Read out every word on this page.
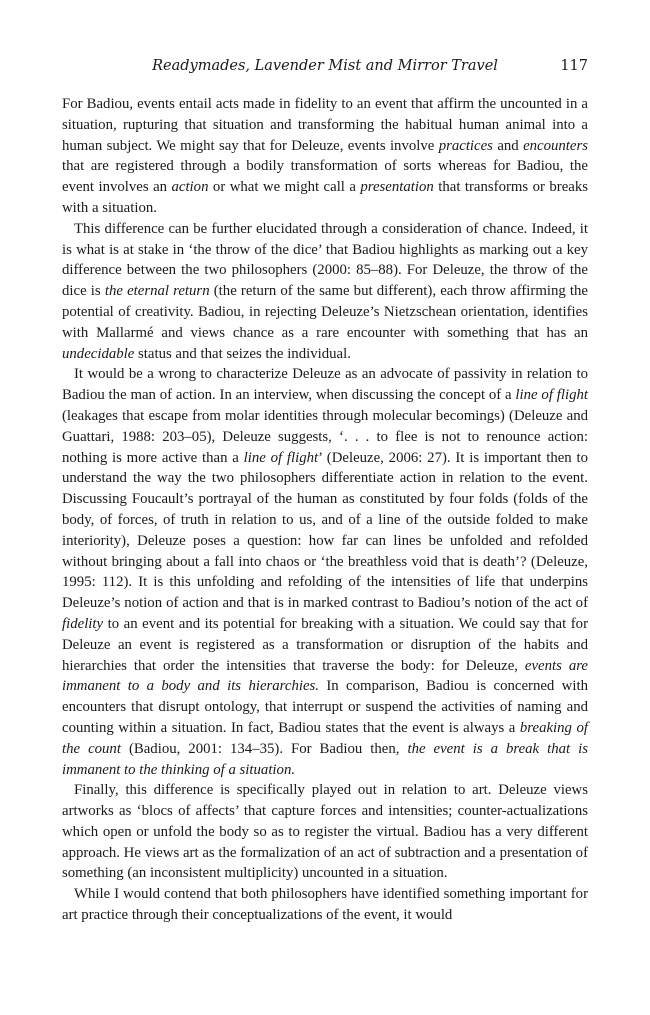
Readymades, Lavender Mist and Mirror Travel	117

For Badiou, events entail acts made in fidelity to an event that affirm the uncounted in a situation, rupturing that situation and transforming the habitual human animal into a human subject. We might say that for Deleuze, events involve practices and encounters that are registered through a bodily transformation of sorts whereas for Badiou, the event involves an action or what we might call a presentation that transforms or breaks with a situation.

This difference can be further elucidated through a consideration of chance. Indeed, it is what is at stake in ‘the throw of the dice’ that Badiou highlights as marking out a key difference between the two philosophers (2000: 85–88). For Deleuze, the throw of the dice is the eternal return (the return of the same but different), each throw affirming the potential of creativity. Badiou, in rejecting Deleuze’s Nietzschean orientation, identifies with Mallarmé and views chance as a rare encounter with something that has an undecidable status and that seizes the individual.

It would be a wrong to characterize Deleuze as an advocate of passivity in relation to Badiou the man of action. In an interview, when discussing the concept of a line of flight (leakages that escape from molar identities through molecular becomings) (Deleuze and Guattari, 1988: 203–05), Deleuze suggests, ‘. . . to flee is not to renounce action: nothing is more active than a line of flight’ (Deleuze, 2006: 27). It is important then to understand the way the two philosophers differentiate action in relation to the event. Discussing Foucault’s portrayal of the human as constituted by four folds (folds of the body, of forces, of truth in relation to us, and of a line of the outside folded to make interiority), Deleuze poses a question: how far can lines be unfolded and refolded without bringing about a fall into chaos or ‘the breathless void that is death’? (Deleuze, 1995: 112). It is this unfolding and refolding of the intensities of life that underpins Deleuze’s notion of action and that is in marked contrast to Badiou’s notion of the act of fidelity to an event and its potential for breaking with a situation. We could say that for Deleuze an event is registered as a transformation or disruption of the habits and hierarchies that order the intensities that traverse the body: for Deleuze, events are immanent to a body and its hierarchies. In comparison, Badiou is concerned with encounters that disrupt ontology, that interrupt or suspend the activities of naming and counting within a situation. In fact, Badiou states that the event is always a breaking of the count (Badiou, 2001: 134–35). For Badiou then, the event is a break that is immanent to the thinking of a situation.

Finally, this difference is specifically played out in relation to art. Deleuze views artworks as ‘blocs of affects’ that capture forces and intensities; counter-actualizations which open or unfold the body so as to register the virtual. Badiou has a very different approach. He views art as the formalization of an act of subtraction and a presentation of something (an inconsistent multiplicity) uncounted in a situation.

While I would contend that both philosophers have identified something important for art practice through their conceptualizations of the event, it would
